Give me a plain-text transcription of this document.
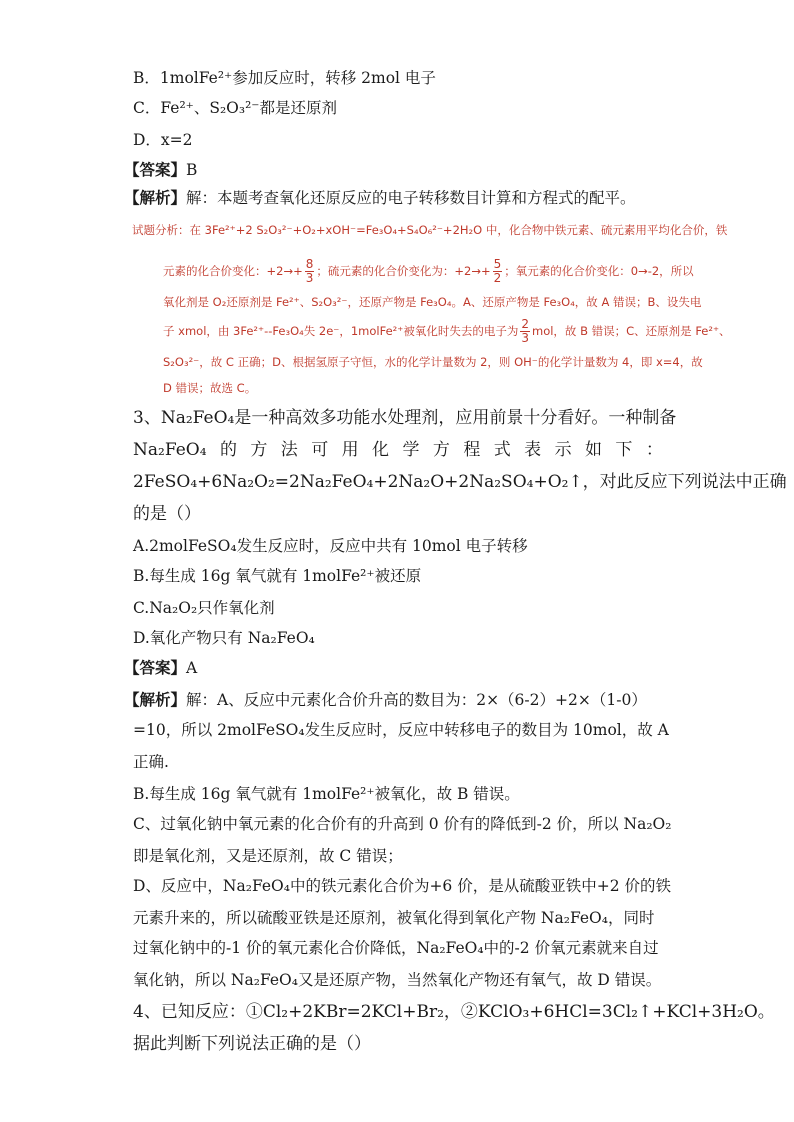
B．1molFe²⁺参加反应时，转移 2mol 电子
C．Fe²⁺、S₂O₃²⁻都是还原剂
D．x=2
【答案】B
【解析】解：本题考查氧化还原反应的电子转移数目计算和方程式的配平。
试题分析：在 3Fe²⁺+2 S₂O₃²⁻+O₂+xOH⁻=Fe₃O₄+S₄O₆²⁻+2H₂O 中，化合物中铁元素、硫元素用平均化合价，铁
元素的化合价变化：$+2\to+ \frac{8}{3}$ ；硫元素的化合价变化为：$+2\to+ \frac{5}{2}$ ；氧元素的化合价变化：0→-2，所以
氧化剂是 O₂还原剂是 Fe²⁺、S₂O₃²⁻，还原产物是 Fe₃O₄。A、还原产物是 Fe₃O₄，故 A 错误；B、设失电
子 xmol，由 3Fe²⁺--Fe₃O₄失 2e⁻，1molFe²⁺被氧化时失去的电子为 $\frac{2}{3}$ mol，故 B 错误；C、还原剂是 Fe²⁺、
S₂O₃²⁻，故 C 正确；D、根据氢原子守恒，水的化学计量数为 2，则 OH⁻的化学计量数为 4，即 x=4，故
D 错误；故选 C。
3、Na₂FeO₄是一种高效多功能水处理剂，应用前景十分看好。一种制备
Na₂FeO₄ 的 方 法 可 用 化 学 方 程 式 表 示 如 下 ：
2FeSO₄+6Na₂O₂=2Na₂FeO₄+2Na₂O+2Na₂SO₄+O₂↑，对此反应下列说法中正确
的是（）
A.2molFeSO₄发生反应时，反应中共有 10mol 电子转移
B.每生成 16g 氧气就有 1molFe²⁺被还原
C.Na₂O₂只作氧化剂
D.氧化产物只有 Na₂FeO₄
【答案】A
【解析】解：A、反应中元素化合价升高的数目为：2×（6-2）+2×（1-0）
=10，所以 2molFeSO₄发生反应时，反应中转移电子的数目为 10mol，故 A
正确.
B.每生成 16g 氧气就有 1molFe²⁺被氧化，故 B 错误。
C、过氧化钠中氧元素的化合价有的升高到 0 价有的降低到-2 价，所以 Na₂O₂
即是氧化剂，又是还原剂，故 C 错误；
D、反应中，Na₂FeO₄中的铁元素化合价为+6 价，是从硫酸亚铁中+2 价的铁
元素升来的，所以硫酸亚铁是还原剂，被氧化得到氧化产物 Na₂FeO₄，同时
过氧化钠中的-1 价的氧元素化合价降低，Na₂FeO₄中的-2 价氧元素就来自过
氧化钠，所以 Na₂FeO₄又是还原产物，当然氧化产物还有氧气，故 D 错误。
4、已知反应：①Cl₂+2KBr=2KCl+Br₂，②KClO₃+6HCl=3Cl₂↑+KCl+3H₂O。
据此判断下列说法正确的是（）
